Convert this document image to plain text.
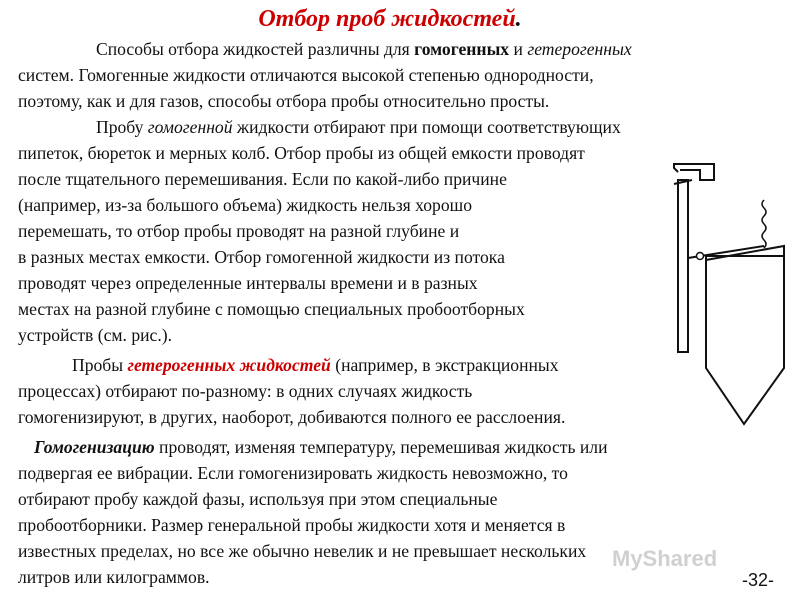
Отбор проб жидкостей.
Способы отбора жидкостей различны для гомогенных и гетерогенных
систем. Гомогенные жидкости отличаются высокой степенью однородности,
поэтому, как и для газов, способы отбора пробы относительно просты.
Пробу гомогенной жидкости отбирают при помощи соответствующих
пипеток, бюреток и мерных колб. Отбор пробы из общей емкости проводят
после тщательного перемешивания. Если по какой-либо причине
(например, из-за большого объема) жидкость нельзя хорошо
перемешать, то отбор пробы проводят на разной глубине и
в разных местах емкости. Отбор гомогенной жидкости из потока
проводят через определенные интервалы времени и в разных
местах на разной глубине с помощью специальных пробоотборных
устройств (см. рис.).
Пробы гетерогенных жидкостей (например, в экстракционных
процессах) отбирают по-разному: в одних случаях жидкость
гомогенизируют, в других, наоборот, добиваются полного ее расслоения.
Гомогенизацию проводят, изменяя температуру, перемешивая жидкость или
подвергая ее вибрации. Если гомогенизировать жидкость невозможно, то
отбирают пробу каждой фазы, используя при этом специальные
пробоотборники. Размер генеральной пробы жидкости хотя и меняется в
известных пределах, но все же обычно невелик и не превышает нескольких
литров или килограммов.
MyShared
-32-
